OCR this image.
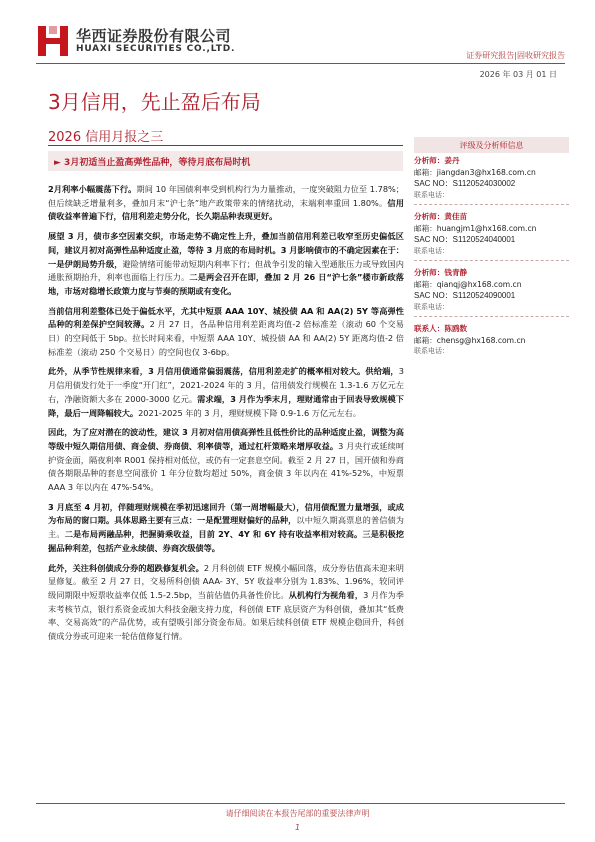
华西证券股份有限公司
HUAXI SECURITIES CO.,LTD.
证券研究报告|固收研究报告
2026 年 03 月 01 日
3月信用，先止盈后布局
2026 信用月报之三
► 3月初适当止盈高弹性品种，等待月底布局时机

2月利率小幅震荡下行。期间 10 年国债利率受到机构行为力量推动，一度突破阻力位至 1.78%；但后续缺乏增量利多，叠加月末“沪七条”地产政策带来的情绪扰动，末端利率重回 1.80%。信用债收益率普遍下行，信用利差走势分化，长久期品种表现更好。

展望 3 月，债市多空因素交织，市场走势不确定性上升，叠加当前信用利差已收窄至历史偏低区间，建议月初对高弹性品种适度止盈，等待 3 月底的布局时机。3 月影响债市的不确定因素在于：一是伊朗局势升级，避险情绪可能带动短期内利率下行；但战争引发的输入型通胀压力或导致国内通胀预期抬升，利率也面临上行压力。二是两会召开在即，叠加 2 月 26 日“沪七条”楼市新政落地，市场对稳增长政策力度与节奏的预期或有变化。

当前信用利差整体已处于偏低水平，尤其中短票 AAA 10Y、城投债 AA 和 AA(2) 5Y 等高弹性品种的利差保护空间较薄。2 月 27 日，各品种信用利差距离均值-2 倍标准差（滚动 60 个交易日）的空间低于 5bp。拉长时间来看，中短票 AAA 10Y、城投债 AA 和 AA(2) 5Y 距离均值-2 倍标准差（滚动 250 个交易日）的空间也仅 3-6bp。

此外，从季节性规律来看，3 月信用债通常偏弱震荡，信用利差走扩的概率相对较大。供给端，3 月信用债发行处于一季度“开门红”，2021-2024 年的 3 月，信用债发行规模在 1.3-1.6 万亿元左右，净融资额大多在 2000-3000 亿元。需求端，3 月作为季末月，理财通常由于回表导致规模下降，最后一周降幅较大。2021-2025 年的 3 月，理财规模下降 0.9-1.6 万亿元左右。

因此，为了应对潜在的波动性，建议 3 月初对信用债高弹性且低性价比的品种适度止盈，调整为高等级中短久期信用债、商金债、券商债、利率债等，通过杠杆策略来增厚收益。3 月央行或延续呵护资金面，隔夜利率 R001 保持相对低位，或仍有一定套息空间。截至 2 月 27 日，国开债和券商债各期限品种的套息空间涨价 1 年分位数均超过 50%，商金债 3 年以内在 41%-52%，中短票 AAA 3 年以内在 47%-54%。

3 月底至 4 月初，伴随理财规模在季初迅速回升（第一周增幅最大），信用债配置力量增强，或成为布局的窗口期。具体思路主要有三点：一是配置理财偏好的品种，以中短久期高票息的普信债为主。二是布局两融品种，把握骑乘收益，目前 2Y、4Y 和 6Y 持有收益率相对较高。三是积极挖掘品种利差，包括产业永续债、券商次级债等。

此外，关注科创债成分券的超跌修复机会。2 月科创债 ETF 规模小幅回落，成分券估值高未迎来明显修复。截至 2 月 27 日，交易所科创债 AAA- 3Y、5Y 收益率分别为 1.83%、1.96%，较同评级同期限中短票收益率仅低 1.5-2.5bp，当前估值仍具备性价比。从机构行为视角看，3 月作为季末考核节点，银行系资金或加大科技金融支持力度，科创债 ETF 底层资产为科创债，叠加其“低费率、交易高效”的产品优势，或有望吸引部分资金布局。如果后续科创债 ETF 规模企稳回升，科创债成分券或可迎来一轮估值修复行情。

评级及分析师信息
分析师：姜丹
邮箱：jiangdan3@hx168.com.cn
SAC NO：S1120524030002
联系电话：
分析师：黄佳苗
邮箱：huangjm1@hx168.com.cn
SAC NO：S1120524040001
联系电话：
分析师：钱青静
邮箱：qianqj@hx168.com.cn
SAC NO：S1120524090001
联系电话：
联系人：陈鸥数
邮箱：chensg@hx168.com.cn
联系电话：
请仔细阅读在本报告尾部的重要法律声明
1
